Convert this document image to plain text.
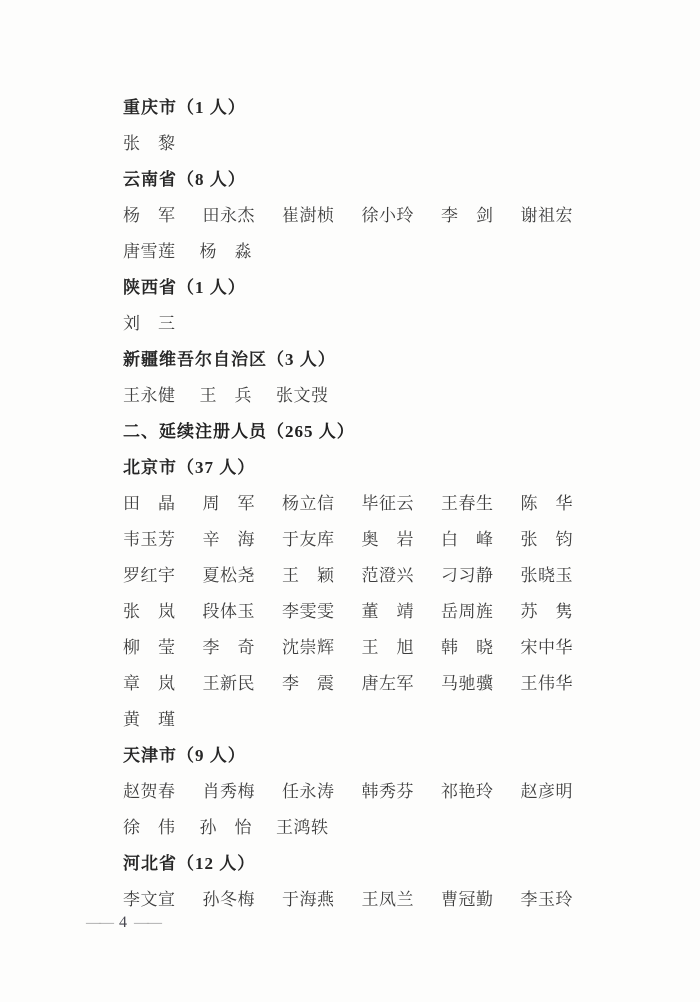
重庆市（1 人）
张　黎
云南省（8 人）
杨　军 田永杰 崔澍桢 徐小玲 李　剑 谢祖宏
唐雪莲 杨　淼
陕西省（1 人）
刘　三
新疆维吾尔自治区（3 人）
王永健 王　兵 张文弢
二、延续注册人员（265 人）
北京市（37 人）
田　晶 周　军 杨立信 毕征云 王春生 陈　华
韦玉芳 辛　海 于友库 奥　岩 白　峰 张　钧
罗红宇 夏松尧 王　颖 范澄兴 刁习静 张晓玉
张　岚 段体玉 李雯雯 董　靖 岳周旌 苏　隽
柳　莹 李　奇 沈崇辉 王　旭 韩　晓 宋中华
章　岚 王新民 李　震 唐左军 马驰骥 王伟华
黄　瑾
天津市（9 人）
赵贺春 肖秀梅 任永涛 韩秀芬 祁艳玲 赵彦明
徐　伟 孙　怡 王鸿轶
河北省（12 人）
李文宣 孙冬梅 于海燕 王凤兰 曹冠勤 李玉玲
—— 4 ——
